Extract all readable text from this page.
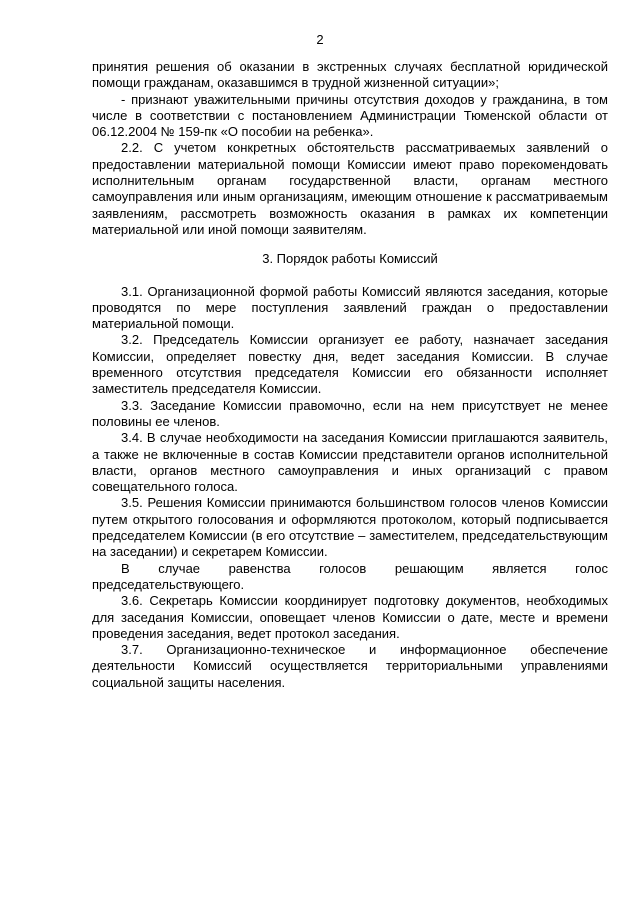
2

принятия решения об оказании в экстренных случаях бесплатной юридической помощи гражданам, оказавшимся в трудной жизненной ситуации»;

- признают уважительными причины отсутствия доходов у гражданина, в том числе в соответствии с постановлением Администрации Тюменской области от 06.12.2004 № 159-пк «О пособии на ребенка».

2.2. С учетом конкретных обстоятельств рассматриваемых заявлений о предоставлении материальной помощи Комиссии имеют право порекомендовать исполнительным органам государственной власти, органам местного самоуправления или иным организациям, имеющим отношение к рассматриваемым заявлениям, рассмотреть возможность оказания в рамках их компетенции материальной или иной помощи заявителям.

3. Порядок работы Комиссий

3.1. Организационной формой работы Комиссий являются заседания, которые проводятся по мере поступления заявлений граждан о предоставлении материальной помощи.

3.2. Председатель Комиссии организует ее работу, назначает заседания Комиссии, определяет повестку дня, ведет заседания Комиссии. В случае временного отсутствия председателя Комиссии его обязанности исполняет заместитель председателя Комиссии.

3.3. Заседание Комиссии правомочно, если на нем присутствует не менее половины ее членов.

3.4. В случае необходимости на заседания Комиссии приглашаются заявитель, а также не включенные в состав Комиссии представители органов исполнительной власти, органов местного самоуправления и иных организаций с правом совещательного голоса.

3.5. Решения Комиссии принимаются большинством голосов членов Комиссии путем открытого голосования и оформляются протоколом, который подписывается председателем Комиссии (в его отсутствие – заместителем, председательствующим на заседании) и секретарем Комиссии.

В случае равенства голосов решающим является голос председательствующего.

3.6. Секретарь Комиссии координирует подготовку документов, необходимых для заседания Комиссии, оповещает членов Комиссии о дате, месте и времени проведения заседания, ведет протокол заседания.

3.7. Организационно-техническое и информационное обеспечение деятельности Комиссий осуществляется территориальными управлениями социальной защиты населения.
